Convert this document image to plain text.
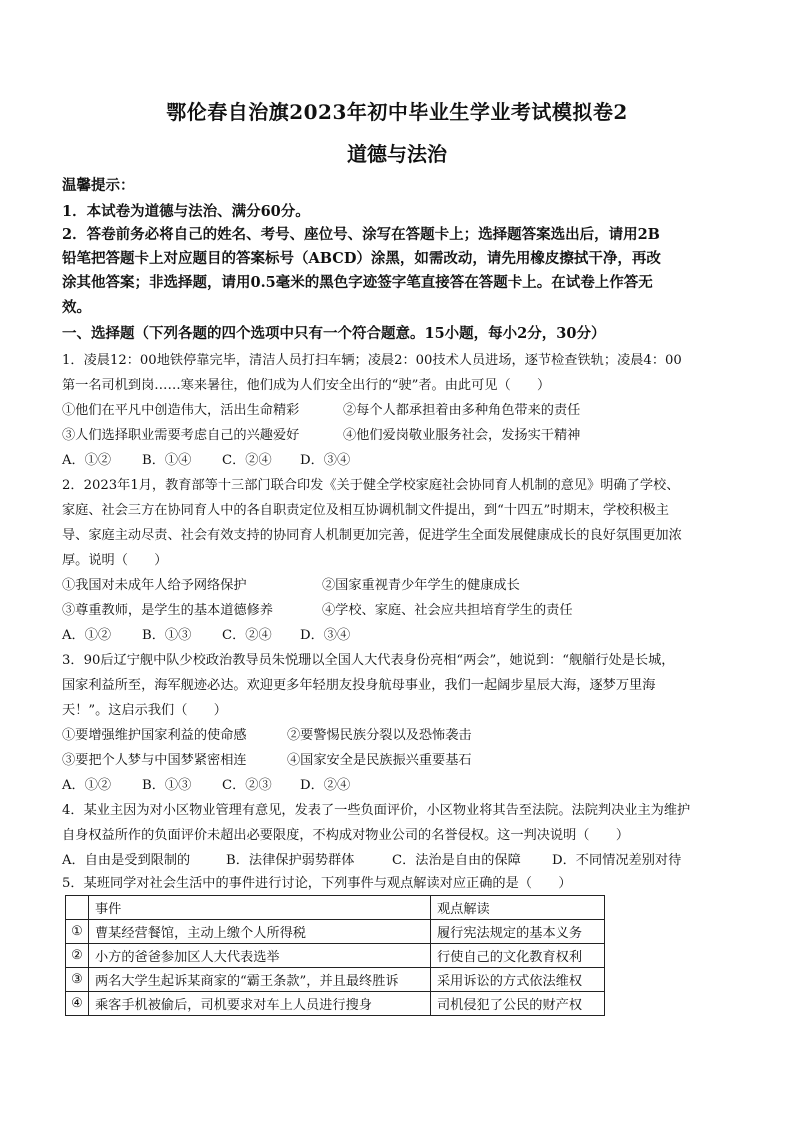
鄂伦春自治旗2023年初中毕业生学业考试模拟卷2
道德与法治
温馨提示：
1．本试卷为道德与法治、满分60分。
2．答卷前务必将自己的姓名、考号、座位号、涂写在答题卡上；选择题答案选出后，请用2B
铅笔把答题卡上对应题目的答案标号（ABCD）涂黑，如需改动，请先用橡皮擦拭干净，再改
涂其他答案；非选择题，请用0.5毫米的黑色字迹签字笔直接答在答题卡上。在试卷上作答无
效。
一、选择题（下列各题的四个选项中只有一个符合题意。15小题，每小2分，30分）
1．凌晨12：00地铁停靠完毕，清洁人员打扫车辆；凌晨2：00技术人员进场，逐节检查铁轨；凌晨4：00
第一名司机到岗……寒来暑往，他们成为人们安全出行的“驶”者。由此可见（　　）
①他们在平凡中创造伟大，活出生命精彩	②每个人都承担着由多种角色带来的责任
③人们选择职业需要考虑自己的兴趣爱好	④他们爱岗敬业服务社会，发扬实干精神
A．①② B．①④ C．②④ D．③④
2．2023年1月，教育部等十三部门联合印发《关于健全学校家庭社会协同育人机制的意见》明确了学校、
家庭、社会三方在协同育人中的各自职责定位及相互协调机制文件提出，到“十四五”时期末，学校积极主
导、家庭主动尽责、社会有效支持的协同育人机制更加完善，促进学生全面发展健康成长的良好氛围更加浓
厚。说明（　　）
①我国对未成年人给予网络保护	②国家重视青少年学生的健康成长
③尊重教师，是学生的基本道德修养	④学校、家庭、社会应共担培育学生的责任
A．①② B．①③ C．②④ D．③④
3．90后辽宁舰中队少校政治教导员朱悦珊以全国人大代表身份亮相“两会”，她说到：“舰艏行处是长城，
国家利益所至，海军舰迹必达。欢迎更多年轻朋友投身航母事业，我们一起阔步星辰大海，逐梦万里海
天！”。这启示我们（　　）
①要增强维护国家利益的使命感	②要警惕民族分裂以及恐怖袭击
③要把个人梦与中国梦紧密相连	④国家安全是民族振兴重要基石
A．①② B．①③ C．②③ D．②④
4．某业主因为对小区物业管理有意见，发表了一些负面评价，小区物业将其告至法院。法院判决业主为维护
自身权益所作的负面评价未超出必要限度，不构成对物业公司的名誉侵权。这一判决说明（　　）
A．自由是受到限制的	B．法律保护弱势群体	C．法治是自由的保障 D．不同情况差别对待
5．某班同学对社会生活中的事件进行讨论，下列事件与观点解读对应正确的是（　　）
	事件	观点解读
①	曹某经营餐馆，主动上缴个人所得税	履行宪法规定的基本义务
②	小方的爸爸参加区人大代表选举	行使自己的文化教育权利
③	两名大学生起诉某商家的“霸王条款”，并且最终胜诉	采用诉讼的方式依法维权
④	乘客手机被偷后，司机要求对车上人员进行搜身	司机侵犯了公民的财产权
